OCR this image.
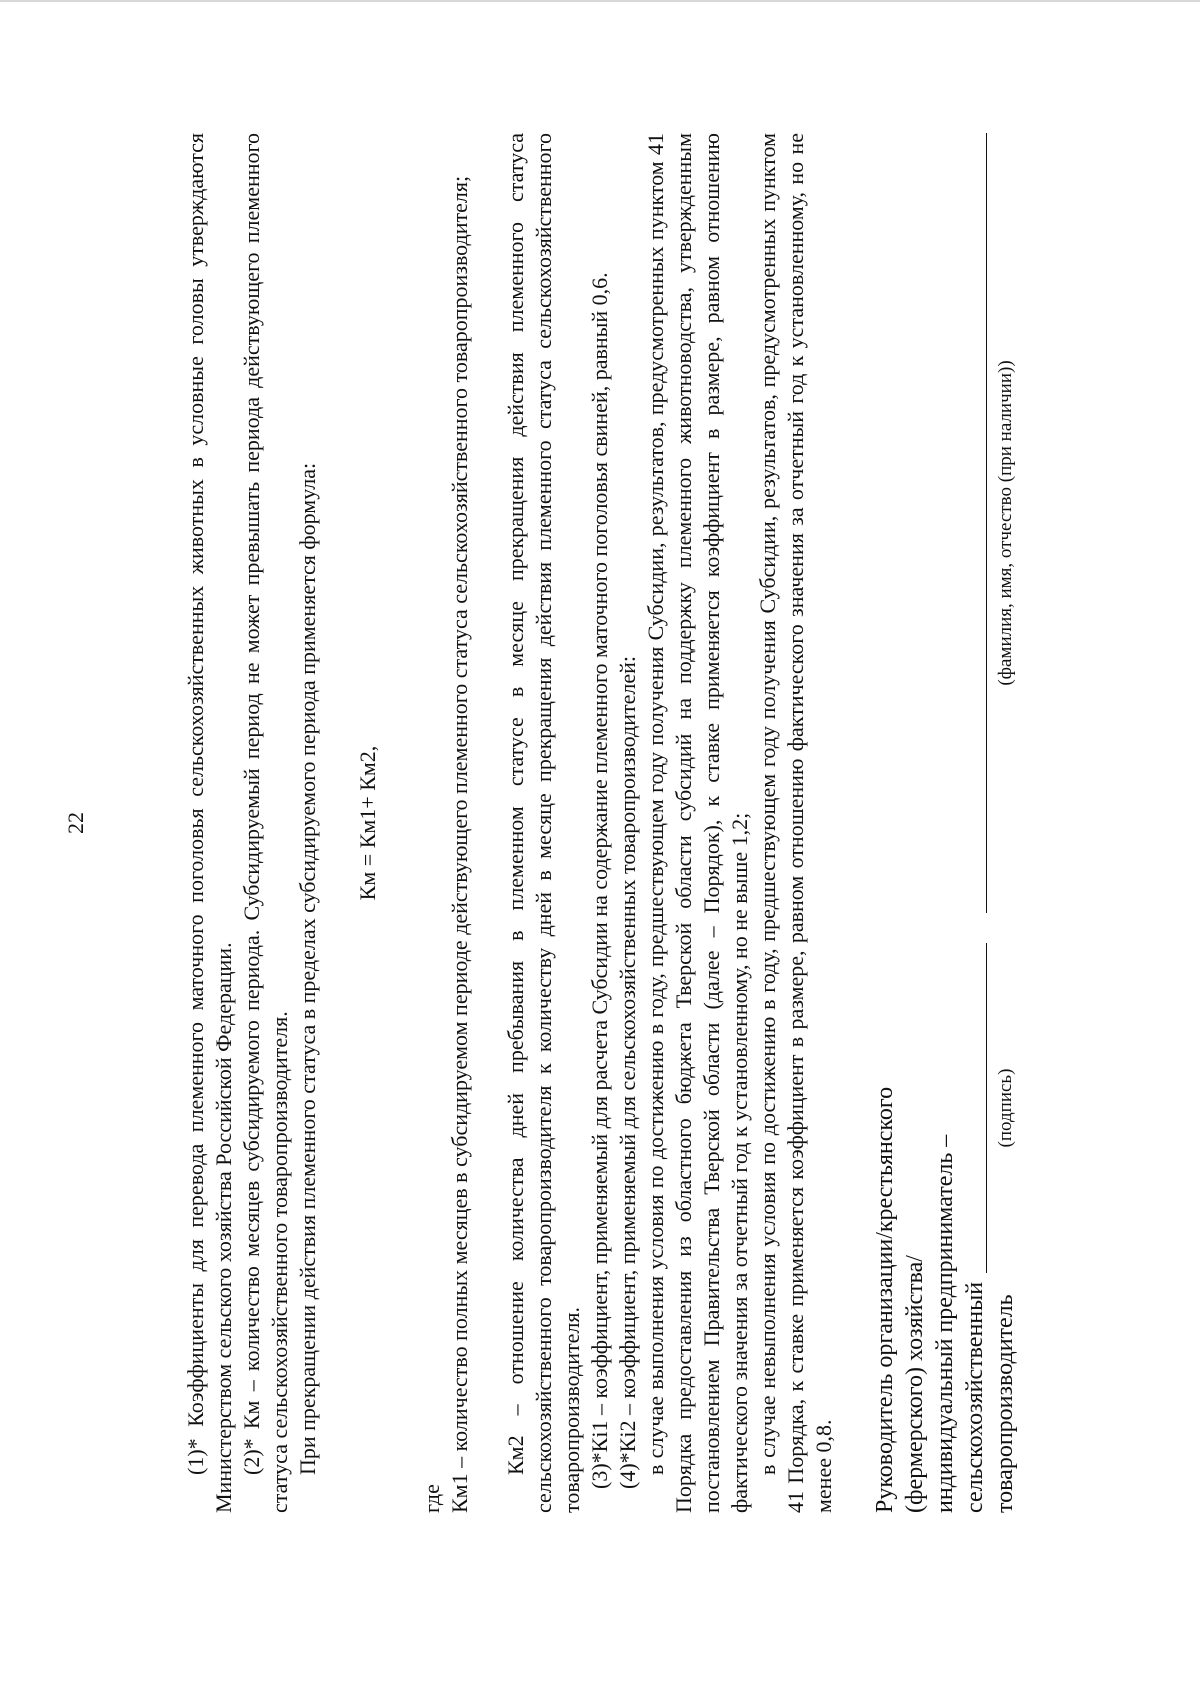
22	(1)* Коэффициенты для перевода племенного маточного поголовья сельскохозяйственных животных в условные головы утверждаются Министерством сельского хозяйства Российской Федерации. (2)* Км – количество месяцев субсидируемого периода. Субсидируемый период не может превышать периода действующего племенного статуса сельскохозяйственного товаропроизводителя. При прекращении действия племенного статуса в пределах субсидируемого периода применяется формула: Км = Км1+ Км2,
где Км1 – количество полных месяцев в субсидируемом периоде действующего племенного статуса сельскохозяйственного товаропроизводителя; Км2 – отношение количества дней пребывания в племенном статусе в месяце прекращения действия племенного статуса сельскохозяйственного товаропроизводителя к количеству дней в месяце прекращения действия племенного статуса сельскохозяйственного товаропроизводителя. (3)*Кi1 – коэффициент, применяемый для расчета Субсидии на содержание племенного маточного поголовья свиней, равный 0,6. (4)*Кi2 – коэффициент, применяемый для сельскохозяйственных товаропроизводителей: в случае выполнения условия по достижению в году, предшествующем году получения Субсидии, результатов, предусмотренных пунктом 41 Порядка предоставления из областного бюджета Тверской области субсидий на поддержку племенного животноводства, утвержденным постановлением Правительства Тверской области (далее – Порядок), к ставке применяется коэффициент в размере, равном отношению фактического значения за отчетный год к установленному, но не выше 1,2; в случае невыполнения условия по достижению в году, предшествующем году получения Субсидии, результатов, предусмотренных пунктом 41 Порядка, к ставке применяется коэффициент в размере, равном отношению фактического значения за отчетный год к установленному, но не менее 0,8. Руководитель организации/крестьянского (фермерского) хозяйства/индивидуальный предприниматель – сельскохозяйственный товаропроизводитель
(подпись)
(фамилия, имя, отчество (при наличии))
